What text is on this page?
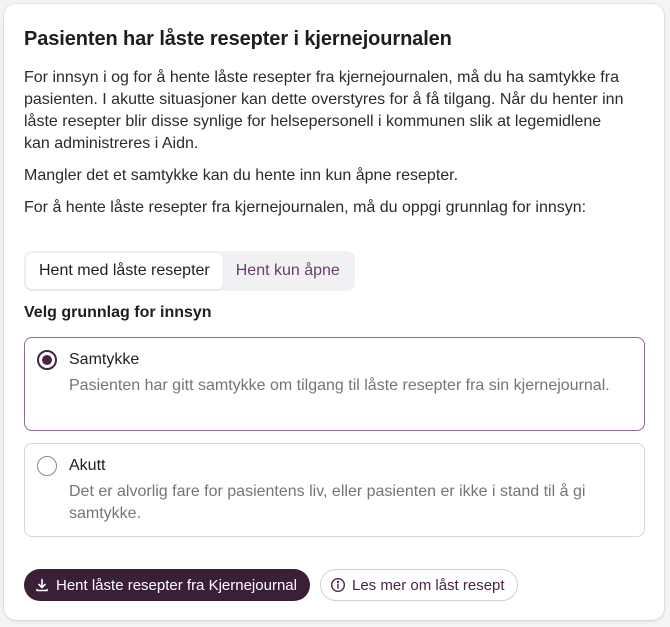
Pasienten har låste resepter i kjernejournalen

For innsyn i og for å hente låste resepter fra kjernejournalen, må du ha samtykke fra pasienten. I akutte situasjoner kan dette overstyres for å få tilgang. Når du henter inn låste resepter blir disse synlige for helsepersonell i kommunen slik at legemidlene kan administreres i Aidn.

Mangler det et samtykke kan du hente inn kun åpne resepter.

For å hente låste resepter fra kjernejournalen, må du oppgi grunnlag for innsyn:

Hent med låste resepter	Hent kun åpne

Velg grunnlag for innsyn

Samtykke

Pasienten har gitt samtykke om tilgang til låste resepter fra sin kjernejournal.

Akutt

Det er alvorlig fare for pasientens liv, eller pasienten er ikke i stand til å gi samtykke.

Hent låste resepter fra Kjernejournal	Les mer om låst resept
